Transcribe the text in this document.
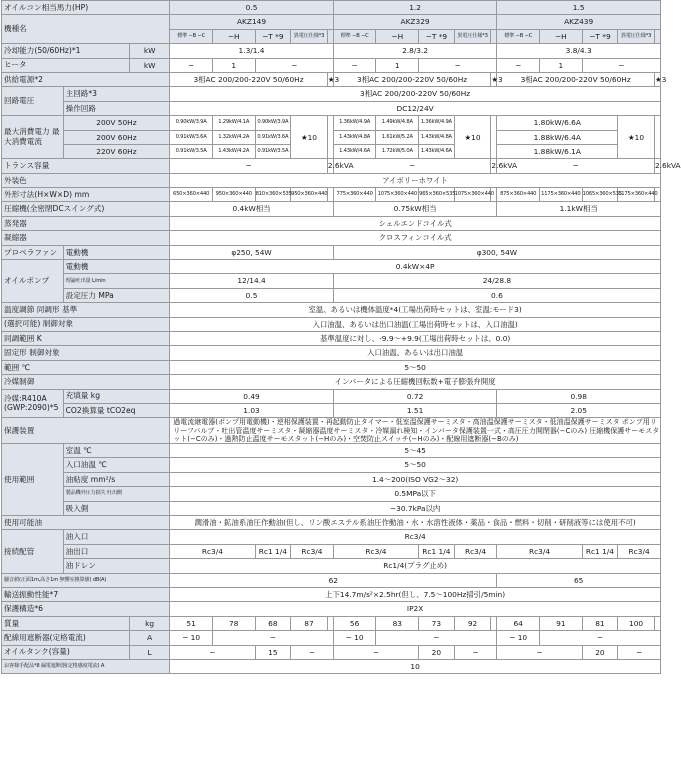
オイルコン相当馬力(HP)			0.5					1.2					1.5				
機種名			AKZ149					AKZ329					AKZ439				
			標準 −B −C	−H	−T *9	異電圧仕様*3		標準 −B −C	−H	−T *9	異電圧仕様*3		標準 −B −C	−H	−T *9	異電圧仕様*3	
冷却能力(50/60Hz)*1		kW	1.3/1.4					2.8/3.2					3.8/4.3				
ヒータ		kW	−	1	−			−	1	−			−	1	−		
供給電源*2			3相AC 200/200-220V 50/60Hz				★3	3相AC 200/200-220V 50/60Hz				★3	3相AC 200/200-220V 50/60Hz				★3
回路電圧	主回路*3		3相AC 200/200-220V 50/60Hz														
	操作回路		DC12/24V														
最大消費電力 最大消費電流	200V 50Hz		0.90kW/3.9A	1.29kW/4.1A	0.90kW/3.9A	★10		1.36kW/4.9A	1.49kW/4.8A	1.36kW/4.9A	★10		1.80kW/6.6A			★10	
	200V 60Hz		0.91kW/3.6A	1.32kW/4.2A	0.91kW/3.6A			1.43kW/4.8A	1.61kW/5.2A	1.43kW/4.8A			1.88kW/6.4A				
	220V 60Hz		0.91kW/3.5A	1.43kW/4.2A	0.91kW/3.5A			1.43kW/4.6A	1.72kW/5.0A	1.43kW/4.6A			1.88kW/6.1A				
トランス容量			−				2.6kVA	−				2.6kVA	−				2.6kVA
外装色			アイボリーホワイト														
外形寸法(H×W×D) mm			650×360×440	950×360×440	810×360×535	950×360×440		775×360×440	1075×360×440	965×360×535	1075×360×440		875×360×440	1175×360×440	1065×360×535	1175×360×440	
圧縮機(全密閉DCスイング式)			0.4kW相当					0.75kW相当					1.1kW相当				
蒸発器			シェルエンドコイル式														
凝縮器			クロスフィンコイル式														
プロペラファン	電動機		φ250, 54W					φ300, 54W									
オイルポンプ	電動機		0.4kW×4P														
	理論吐出量 L/min		12/14.4					24/28.8									
	設定圧力 MPa		0.5					0.6									
温度調節 同調形 基準			室温、あるいは機体温度*4(工場出荷時セットは、室温:モード3)														
(選択可能) 制御対象			入口油温、あるいは出口油温(工場出荷時セットは、入口油温)														
同調範囲 K			基準温度に対し、-9.9〜+9.9(工場出荷時セットは、0.0)														
固定形 制御対象			入口油温、あるいは出口油温														
範囲 ℃			5〜50														
冷媒制御			インバータによる圧縮機回転数+電子膨張弁開度														
冷媒:R410A (GWP:2090)*5	充填量 kg		0.49					0.72					0.98				
	CO2換算量 tCO2eq		1.03					1.51					2.05				
保護装置			過電流継電器(ポンプ用電動機)・逆相保護装置・再起動防止タイマー・低室温保護サーミスタ・高油温保護サーミスタ・低油温保護サーミスタ ポンプ用リリーフバルブ・吐出管温度サーミスタ・凝縮器温度サーミスタ・冷媒漏れ検知・インバータ保護装置一式・高圧圧力開閉器(−Cのみ) 圧縮機保護サーモスタット(−Cのみ)・過熱防止温度サーモスタット(−Hのみ)・空焚防止スイッチ(−Hのみ)・配線用遮断器(−Bのみ)														
使用範囲	室温 ℃		5〜45														
	入口油温 ℃		5〜50														
	油粘度 mm²/s		1.4〜200(ISO VG2〜32)														
	製品機外圧力損失 吐出側		0.5MPa以下														
	吸入側		−30.7kPa以内														
使用可能油			潤滑油・鉱油系油圧作動油(但し、リン酸エステル系油圧作動油・水・水溶性液体・薬品・食品・燃料・切削・研削液等には使用不可)														
接続配管	油入口		Rc3/4														
	油出口		Rc3/4		Rc1 1/4	Rc3/4		Rc3/4		Rc1 1/4	Rc3/4		Rc3/4		Rc1 1/4	Rc3/4	
	油ドレン		Rc1/4(プラグ止め)														
騒音値(正面1m,高さ1m 無響室換算値) dB(A)			62										65				
輸送振動性能*7			上下14.7m/s²×2.5hr(但し、7.5〜100Hz掃引/5min)														
保護構造*6			IP2X														
質量		kg	51	78	68	87		56	83	73	92		64	91	81	100	
配線用遮断器(定格電流)		A	− 10	−				− 10	−				− 10	−			
オイルタンク(容量)		L	−		15	−		−		20	−		−		20	−	
お客様手配品*8 漏電遮断器(定格感度電流) A			10														
